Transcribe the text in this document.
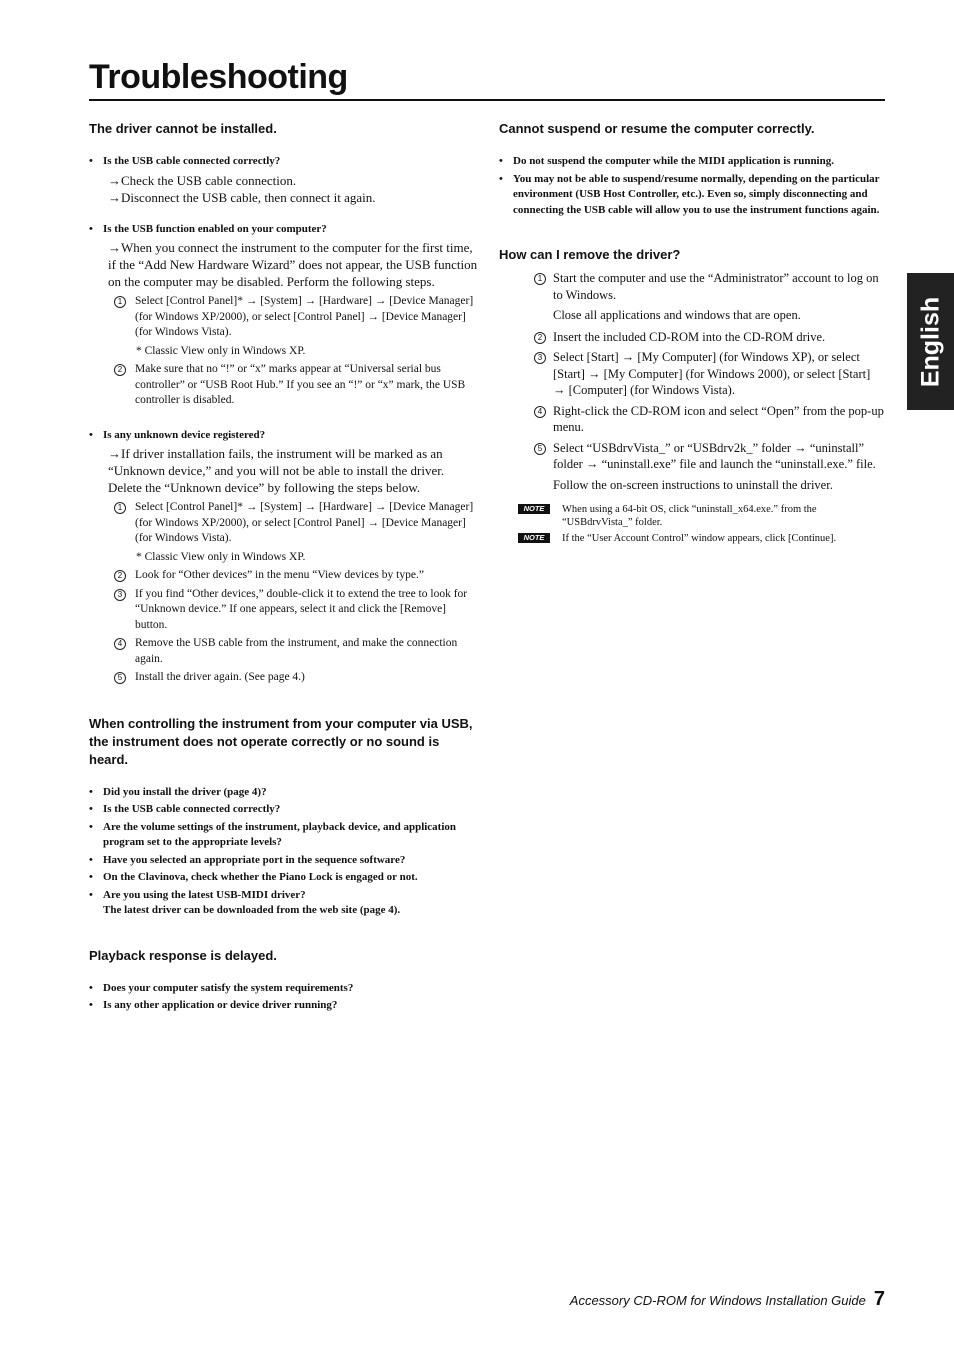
Troubleshooting
The driver cannot be installed.
• Is the USB cable connected correctly?
→Check the USB cable connection.
→Disconnect the USB cable, then connect it again.
• Is the USB function enabled on your computer?
→When you connect the instrument to the computer for the first time, if the “Add New Hardware Wizard” does not appear, the USB function on the computer may be disabled. Perform the following steps.
1	Select [Control Panel]* → [System] → [Hardware] → [Device Manager] (for Windows XP/2000), or select [Control Panel] → [Device Manager] (for Windows Vista).
* Classic View only in Windows XP.
2	Make sure that no “!” or “x” marks appear at “Universal serial bus controller” or “USB Root Hub.” If you see an “!” or “x” mark, the USB controller is disabled.
• Is any unknown device registered?
→If driver installation fails, the instrument will be marked as an “Unknown device,” and you will not be able to install the driver. Delete the “Unknown device” by following the steps below.
1	Select [Control Panel]* → [System] → [Hardware] → [Device Manager] (for Windows XP/2000), or select [Control Panel] → [Device Manager] (for Windows Vista).
* Classic View only in Windows XP.
2	Look for “Other devices” in the menu “View devices by type.”
3	If you find “Other devices,” double-click it to extend the tree to look for “Unknown device.” If one appears, select it and click the [Remove] button.
4	Remove the USB cable from the instrument, and make the connection again.
5	Install the driver again. (See page 4.)
When controlling the instrument from your computer via USB, the instrument does not operate correctly or no sound is heard.
• Did you install the driver (page 4)?
• Is the USB cable connected correctly?
• Are the volume settings of the instrument, playback device, and application program set to the appropriate levels?
• Have you selected an appropriate port in the sequence software?
• On the Clavinova, check whether the Piano Lock is engaged or not.
• Are you using the latest USB-MIDI driver?
The latest driver can be downloaded from the web site (page 4).
Playback response is delayed.
• Does your computer satisfy the system requirements?
• Is any other application or device driver running?
Cannot suspend or resume the computer correctly.
• Do not suspend the computer while the MIDI application is running.
• You may not be able to suspend/resume normally, depending on the particular environment (USB Host Controller, etc.). Even so, simply disconnecting and connecting the USB cable will allow you to use the instrument functions again.
How can I remove the driver?
1 Start the computer and use the “Administrator” account to log on to Windows.
Close all applications and windows that are open.
2 Insert the included CD-ROM into the CD-ROM drive.
3 Select [Start] → [My Computer] (for Windows XP), or select [Start] → [My Computer] (for Windows 2000), or select [Start] → [Computer] (for Windows Vista).
4 Right-click the CD-ROM icon and select “Open” from the pop-up menu.
5 Select “USBdrvVista_” or “USBdrv2k_” folder → “uninstall” folder → “uninstall.exe” file and launch the “uninstall.exe.” file.
Follow the on-screen instructions to uninstall the driver.
NOTE	When using a 64-bit OS, click “uninstall_x64.exe.” from the “USBdrvVista_” folder.
NOTE	If the “User Account Control” window appears, click [Continue].
English
Accessory CD-ROM for Windows Installation Guide 7
